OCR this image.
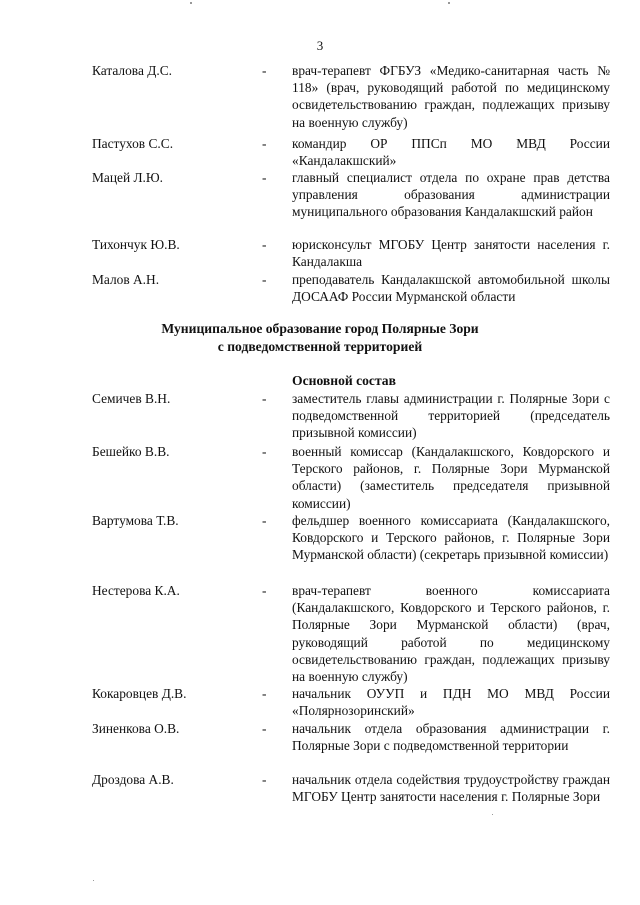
3
Каталова Д.С.	- врач-терапевт ФГБУЗ «Медико-санитарная часть № 118» (врач, руководящий работой по медицинскому освидетельствованию граждан, подлежащих призыву на военную службу)
Пастухов С.С.	- командир ОР ППСп МО МВД России «Кандалакшский»
Мацей Л.Ю.	- главный специалист отдела по охране прав детства управления образования администрации муниципального образования Кандалакшский район
Тихончук Ю.В.	- юрисконсульт МГОБУ Центр занятости населения г. Кандалакша
Малов А.Н.	- преподаватель Кандалакшской автомобильной школы ДОСААФ России Мурманской области
Муниципальное образование город Полярные Зори
с подведомственной территорией
Основной состав
Семичев В.Н.	- заместитель главы администрации г. Полярные Зори с подведомственной территорией (председатель призывной комиссии)
Бешейко В.В.	- военный комиссар (Кандалакшского, Ковдорского и Терского районов, г. Полярные Зори Мурманской области) (заместитель председателя призывной комиссии)
Вартумова Т.В.	- фельдшер военного комиссариата (Кандалакшского, Ковдорского и Терского районов, г. Полярные Зори Мурманской области) (секретарь призывной комиссии)
Нестерова К.А.	- врач-терапевт военного комиссариата (Кандалакшского, Ковдорского и Терского районов, г. Полярные Зори Мурманской области) (врач, руководящий работой по медицинскому освидетельствованию граждан, подлежащих призыву на военную службу)
Кокаровцев Д.В.	- начальник ОУУП и ПДН МО МВД России «Полярнозоринский»
Зиненкова О.В.	- начальник отдела образования администрации г. Полярные Зори с подведомственной территории
Дроздова А.В.	- начальник отдела содействия трудоустройству граждан МГОБУ Центр занятости населения г. Полярные Зори
